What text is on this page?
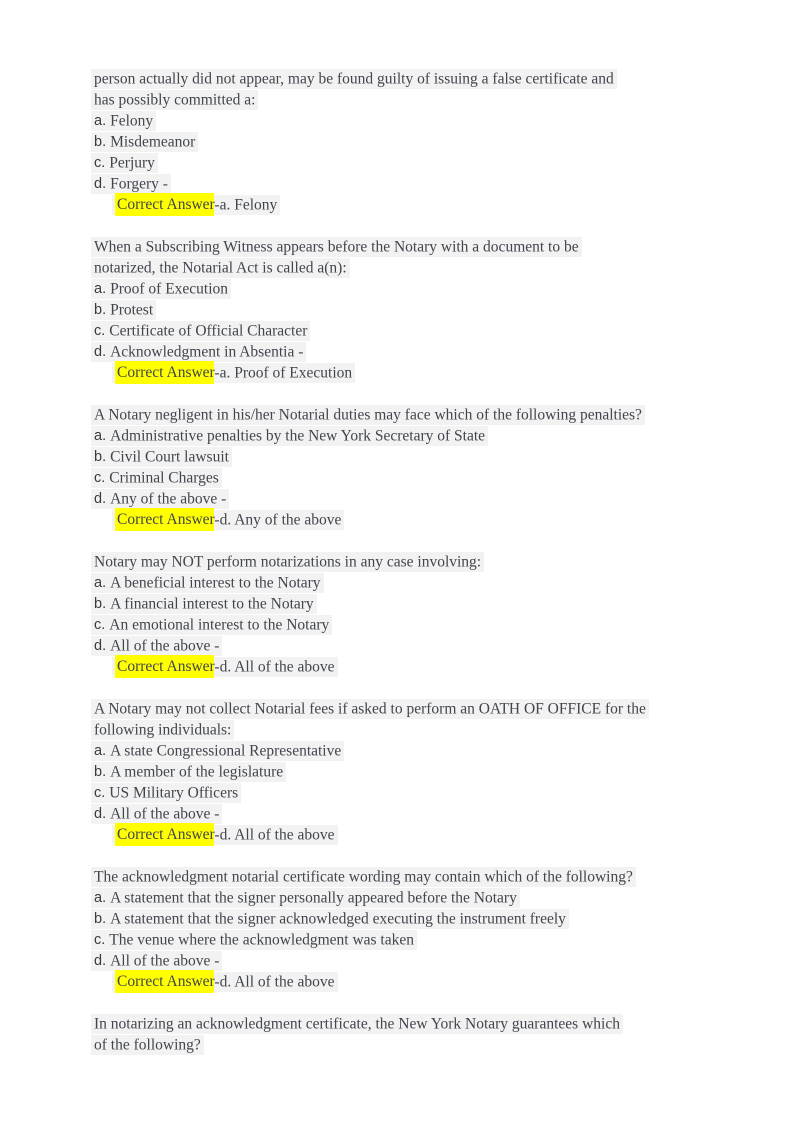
person actually did not appear, may be found guilty of issuing a false certificate and
has possibly committed a:
a. Felony
b. Misdemeanor
c. Perjury
d. Forgery -
Correct Answer-a. Felony
When a Subscribing Witness appears before the Notary with a document to be
notarized, the Notarial Act is called a(n):
a. Proof of Execution
b. Protest
c. Certificate of Official Character
d. Acknowledgment in Absentia -
Correct Answer-a. Proof of Execution
A Notary negligent in his/her Notarial duties may face which of the following penalties?
a. Administrative penalties by the New York Secretary of State
b. Civil Court lawsuit
c. Criminal Charges
d. Any of the above -
Correct Answer-d. Any of the above
Notary may NOT perform notarizations in any case involving:
a. A beneficial interest to the Notary
b. A financial interest to the Notary
c. An emotional interest to the Notary
d. All of the above -
Correct Answer-d. All of the above
A Notary may not collect Notarial fees if asked to perform an OATH OF OFFICE for the
following individuals:
a. A state Congressional Representative
b. A member of the legislature
c. US Military Officers
d. All of the above -
Correct Answer-d. All of the above
The acknowledgment notarial certificate wording may contain which of the following?
a. A statement that the signer personally appeared before the Notary
b. A statement that the signer acknowledged executing the instrument freely
c. The venue where the acknowledgment was taken
d. All of the above -
Correct Answer-d. All of the above
In notarizing an acknowledgment certificate, the New York Notary guarantees which
of the following?
